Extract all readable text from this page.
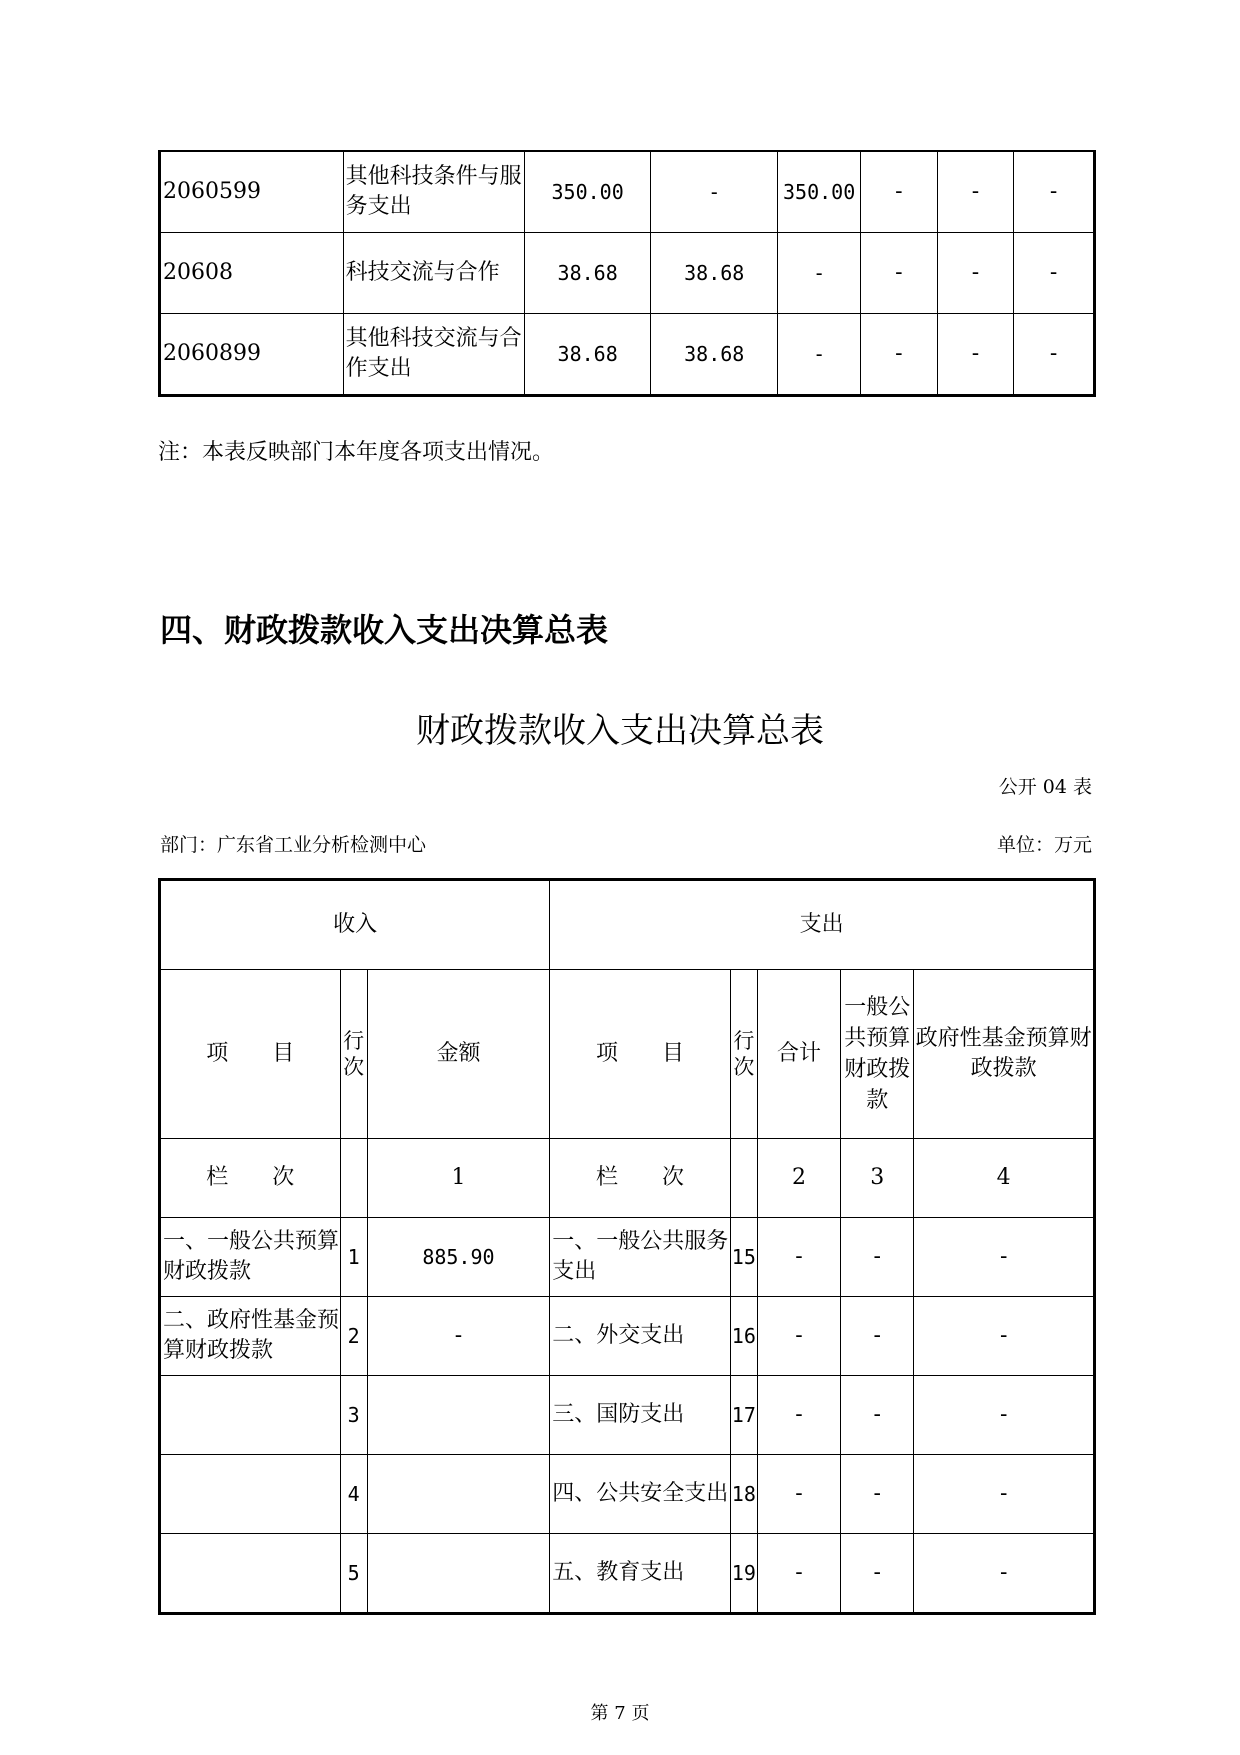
2060599	其他科技条件与服务支出	350.00	-	350.00	-	-	-
20608	科技交流与合作	38.68	38.68	-	-	-	-
2060899	其他科技交流与合作支出	38.68	38.68	-	-	-	-
注：本表反映部门本年度各项支出情况。
四、财政拨款收入支出决算总表
财政拨款收入支出决算总表
公开 04 表
部门：广东省工业分析检测中心	单位：万元
收入			支出				
项　　目	行次	金额	项　　目	行次	合计	一般公共预算财政拨款	政府性基金预算财政拨款
栏　　次		1	栏　　次		2	3	4
一、一般公共预算财政拨款	1	885.90	一、一般公共服务支出	15	-	-	-
二、政府性基金预算财政拨款	2	-	二、外交支出	16	-	-	-
	3		三、国防支出	17	-	-	-
	4		四、公共安全支出	18	-	-	-
	5		五、教育支出	19	-	-	-
第 7 页
